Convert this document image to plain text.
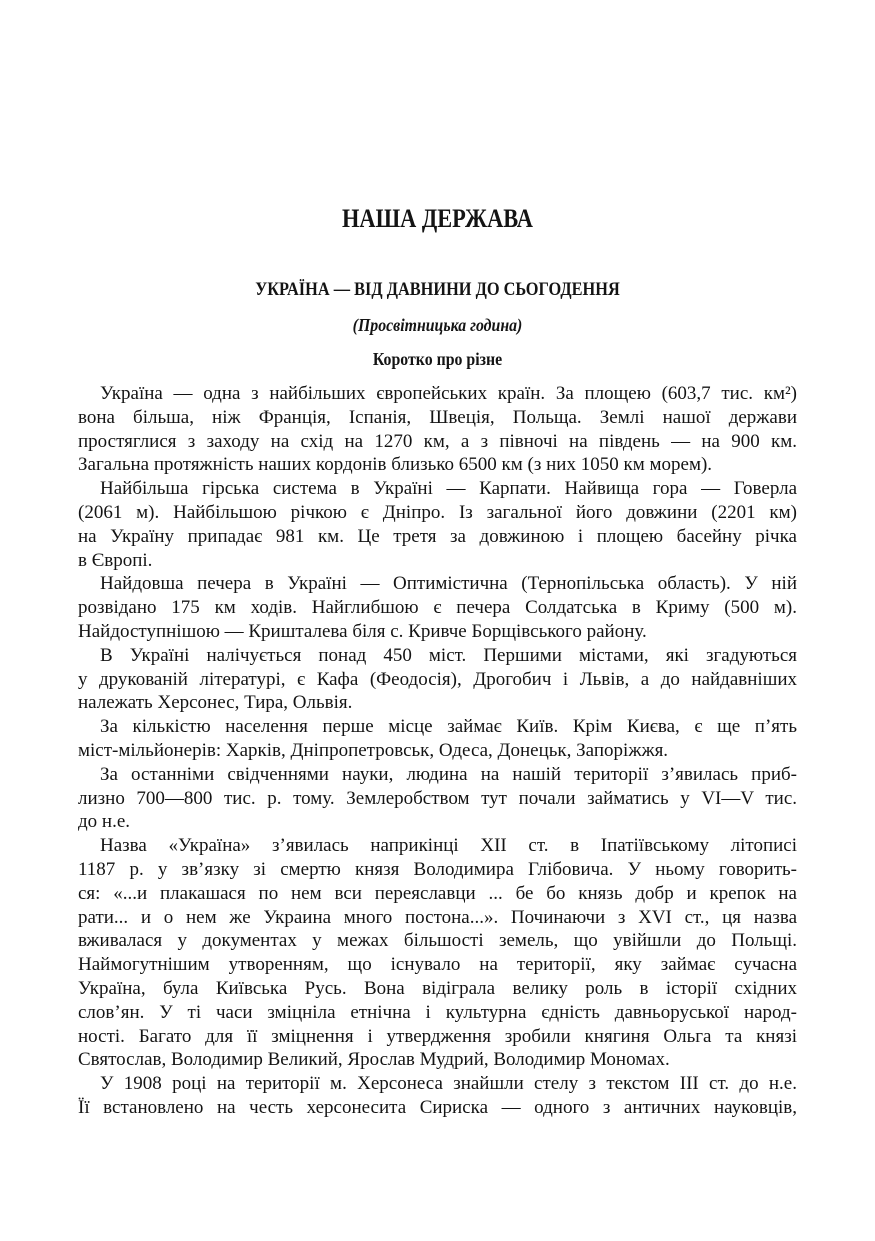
НАША ДЕРЖАВА
УКРАЇНА — ВІД ДАВНИНИ ДО СЬОГОДЕННЯ
(Просвітницька година)
Коротко про різне
Україна — одна з найбільших європейських країн. За площею (603,7 тис. км²)
вона більша, ніж Франція, Іспанія, Швеція, Польща. Землі нашої держави
простяглися з заходу на схід на 1270 км, а з півночі на південь — на 900 км.
Загальна протяжність наших кордонів близько 6500 км (з них 1050 км морем).
Найбільша гірська система в Україні — Карпати. Найвища гора — Говерла
(2061 м). Найбільшою річкою є Дніпро. Із загальної його довжини (2201 км)
на Україну припадає 981 км. Це третя за довжиною і площею басейну річка
в Європі.
Найдовша печера в Україні — Оптимістична (Тернопільська область). У ній
розвідано 175 км ходів. Найглибшою є печера Солдатська в Криму (500 м).
Найдоступнішою — Кришталева біля с. Кривче Борщівського району.
В Україні налічується понад 450 міст. Першими містами, які згадуються
у друкованій літературі, є Кафа (Феодосія), Дрогобич і Львів, а до найдавніших
належать Херсонес, Тира, Ольвія.
За кількістю населення перше місце займає Київ. Крім Києва, є ще п’ять
міст-мільйонерів: Харків, Дніпропетровськ, Одеса, Донецьк, Запоріжжя.
За останніми свідченнями науки, людина на нашій території з’явилась приб-
лизно 700—800 тис. р. тому. Землеробством тут почали займатись у VI—V тис.
до н.е.
Назва «Україна» з’явилась наприкінці XII ст. в Іпатіївському літописі
1187 р. у зв’язку зі смертю князя Володимира Глібовича. У ньому говорить-
ся: «...и плакашася по нем вси переяславци ... бе бо князь добр и крепок на
рати... и о нем же Украина много постона...». Починаючи з XVI ст., ця назва
вживалася у документах у межах більшості земель, що увійшли до Польщі.
Наймогутнішим утворенням, що існувало на території, яку займає сучасна
Україна, була Київська Русь. Вона відіграла велику роль в історії східних
слов’ян. У ті часи зміцніла етнічна і культурна єдність давньоруської народ-
ності. Багато для її зміцнення і утвердження зробили княгиня Ольга та князі
Святослав, Володимир Великий, Ярослав Мудрий, Володимир Мономах.
У 1908 році на території м. Херсонеса знайшли стелу з текстом III ст. до н.е.
Її встановлено на честь херсонесита Сириска — одного з античних науковців,
